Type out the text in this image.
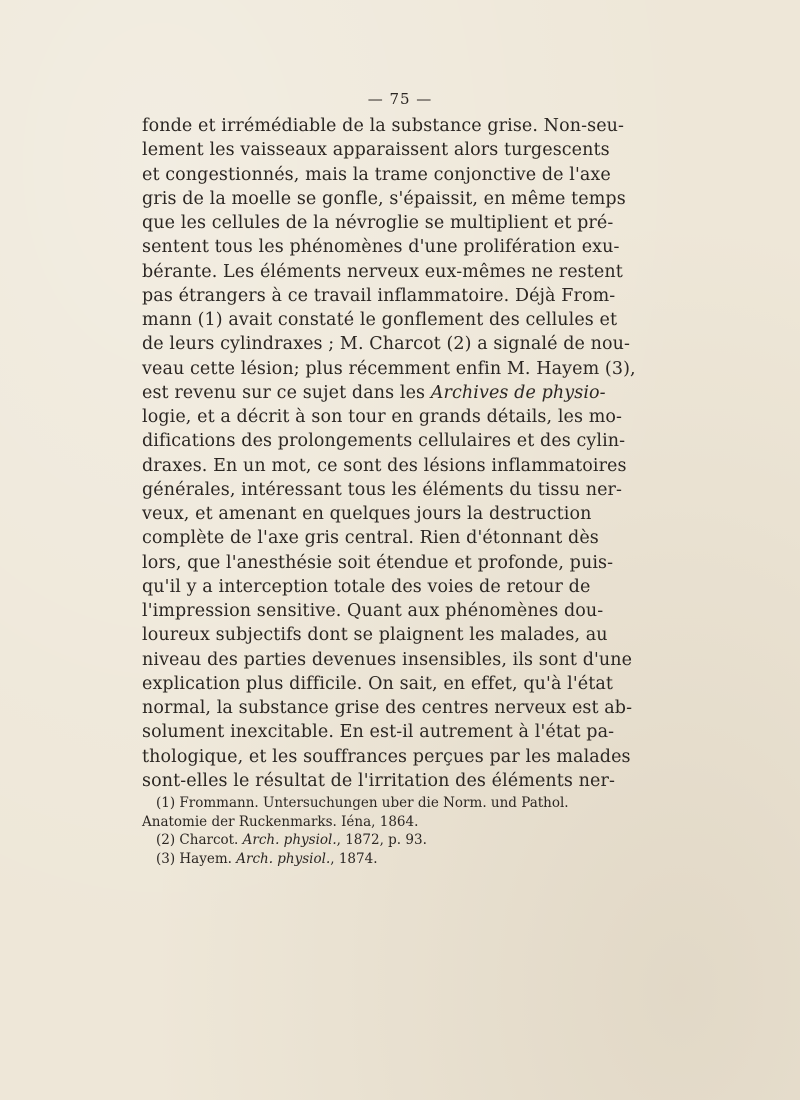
— 75 —
fonde et irrémédiable de la substance grise. Non-seu-
lement les vaisseaux apparaissent alors turgescents
et congestionnés, mais la trame conjonctive de l'axe
gris de la moelle se gonfle, s'épaissit, en même temps
que les cellules de la névroglie se multiplient et pré-
sentent tous les phénomènes d'une prolifération exu-
bérante. Les éléments nerveux eux-mêmes ne restent
pas étrangers à ce travail inflammatoire. Déjà From-
mann (1) avait constaté le gonflement des cellules et
de leurs cylindraxes ; M. Charcot (2) a signalé de nou-
veau cette lésion; plus récemment enfin M. Hayem (3),
est revenu sur ce sujet dans les Archives de physio-
logie, et a décrit à son tour en grands détails, les mo-
difications des prolongements cellulaires et des cylin-
draxes. En un mot, ce sont des lésions inflammatoires
générales, intéressant tous les éléments du tissu ner-
veux, et amenant en quelques jours la destruction
complète de l'axe gris central. Rien d'étonnant dès
lors, que l'anesthésie soit étendue et profonde, puis-
qu'il y a interception totale des voies de retour de
l'impression sensitive. Quant aux phénomènes dou-
loureux subjectifs dont se plaignent les malades, au
niveau des parties devenues insensibles, ils sont d'une
explication plus difficile. On sait, en effet, qu'à l'état
normal, la substance grise des centres nerveux est ab-
solument inexcitable. En est-il autrement à l'état pa-
thologique, et les souffrances perçues par les malades
sont-elles le résultat de l'irritation des éléments ner-
(1) Frommann. Untersuchungen uber die Norm. und Pathol.
Anatomie der Ruckenmarks. Iéna, 1864.
(2) Charcot. Arch. physiol., 1872, p. 93.
(3) Hayem. Arch. physiol., 1874.
